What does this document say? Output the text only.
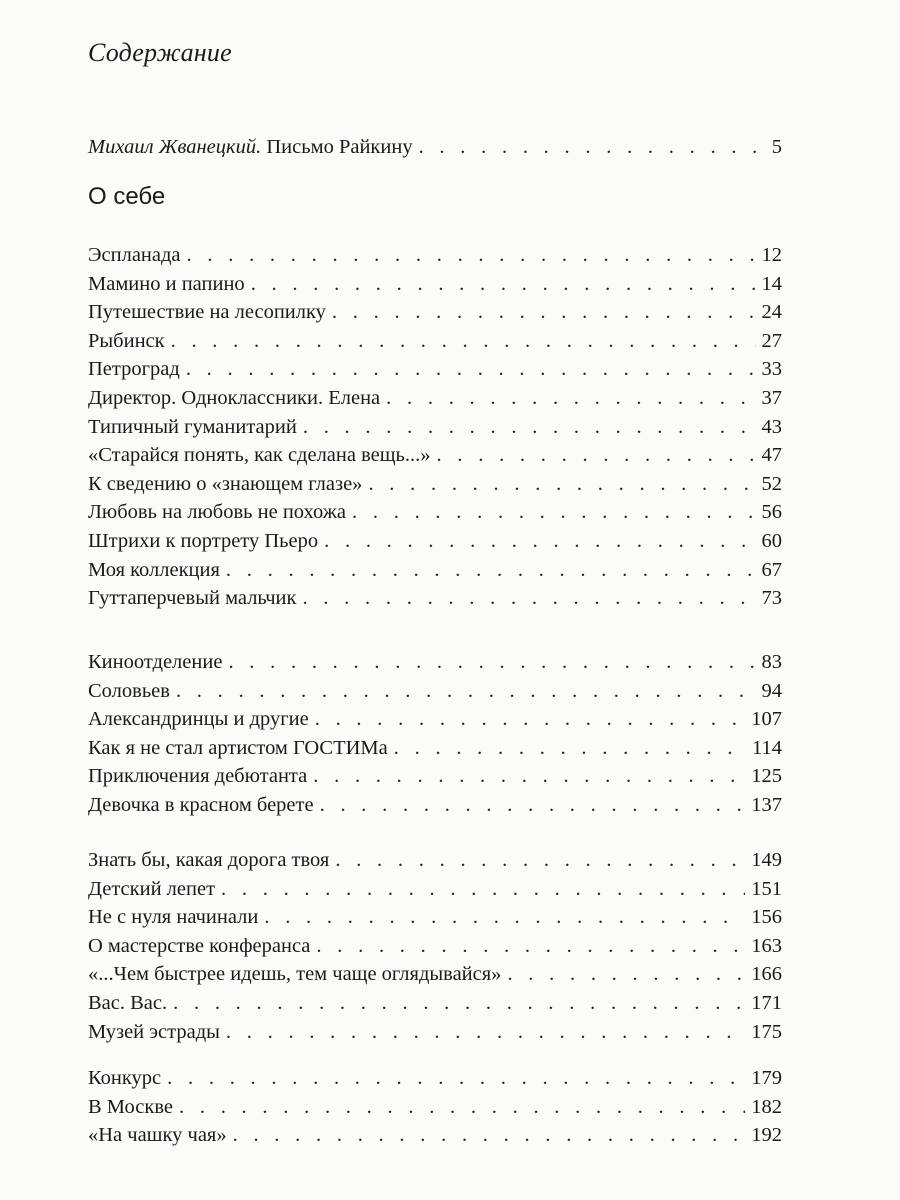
Содержание
Михаил Жванецкий. Письмо Райкину . . .	5
О себе
Эспланада . . .	12
Мамино и папино . . .	14
Путешествие на лесопилку . . .	24
Рыбинск . . .	27
Петроград . . .	33
Директор. Одноклассники. Елена . . .	37
Типичный гуманитарий . . .	43
«Старайся понять, как сделана вещь...» . . .	47
К сведению о «знающем глазе» . . .	52
Любовь на любовь не похожа . . .	56
Штрихи к портрету Пьеро . . .	60
Моя коллекция . . .	67
Гуттаперчевый мальчик . . .	73
Киноотделение . . .	83
Соловьев . . .	94
Александринцы и другие . . .	107
Как я не стал артистом ГОСТИМа . . .	114
Приключения дебютанта . . .	125
Девочка в красном берете . . .	137
Знать бы, какая дорога твоя . . .	149
Детский лепет . . .	151
Не с нуля начинали . . .	156
О мастерстве конферанса . . .	163
«...Чем быстрее идешь, тем чаще оглядывайся» . . .	166
Вас. Вас. . . .	171
Музей эстрады . . .	175
Конкурс . . .	179
В Москве . . .	182
«На чашку чая» . . .	192
